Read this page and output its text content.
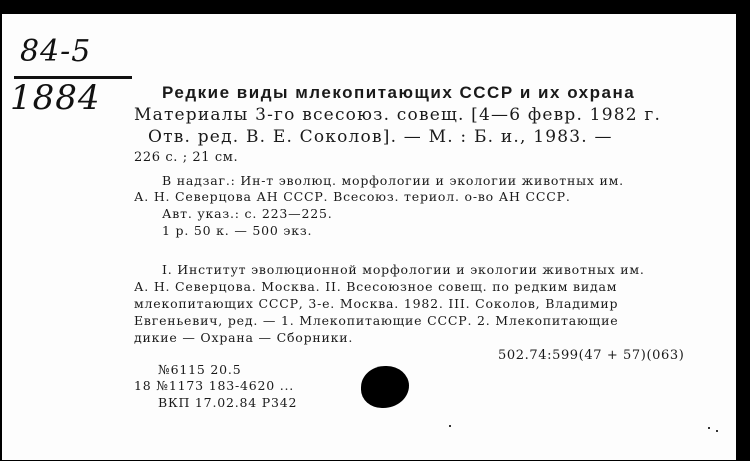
84-5
1884	Редкие виды млекопитающих СССР и их охрана
Материалы 3-го всесоюз. совещ. [4—6 февр. 1982 г.
Отв. ред. В. Е. Соколов]. — М. : Б. и., 1983. —
226 с. ; 21 см.
В надзаг.: Ин-т эволюц. морфологии и экологии животных им.
А. Н. Северцова АН СССР. Всесоюз. териол. о-во АН СССР.
Авт. указ.: с. 223—225.
1 р. 50 к. — 500 экз.
I. Институт эволюционной морфологии и экологии животных им.
А. Н. Северцова. Москва. II. Всесоюзное совещ. по редким видам
млекопитающих СССР, 3-е. Москва. 1982. III. Соколов, Владимир
Евгеньевич, ред. — 1. Млекопитающие СССР. 2. Млекопитающие
дикие — Охрана — Сборники.
502.74:599(47 + 57)(063)
№6115 20.5
18 №1173 183-4620 ...
ВКП 17.02.84 Р342
